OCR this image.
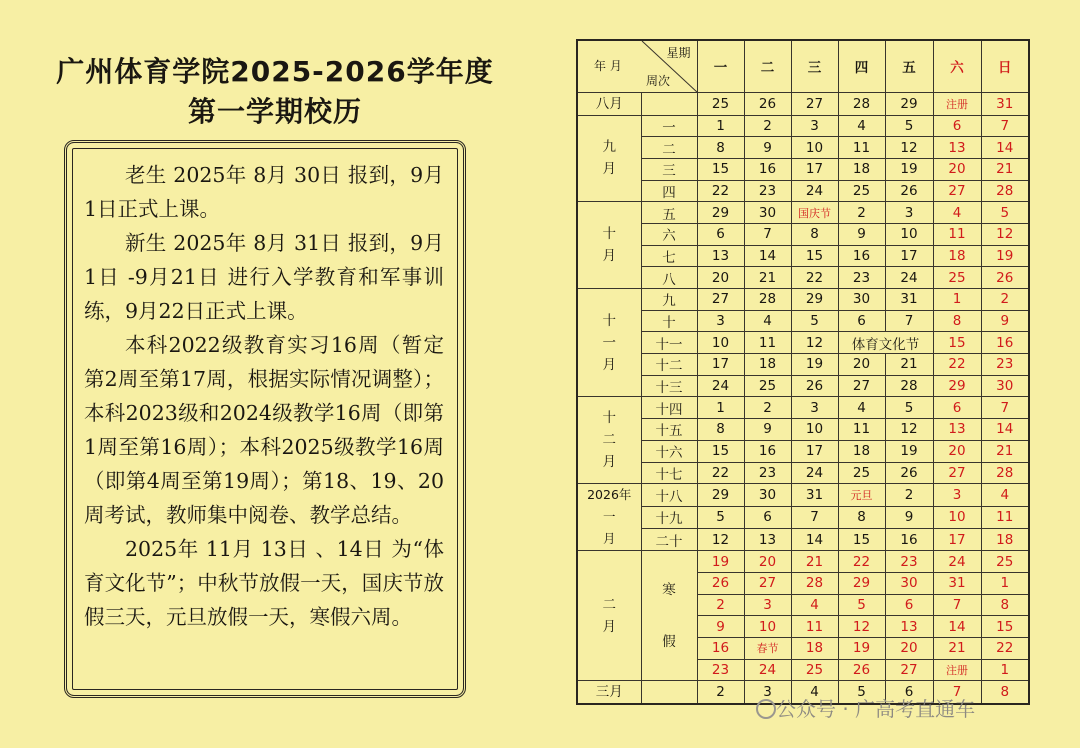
广州体育学院2025-2026学年度
第一学期校历

老生 2025年 8月 30日 报到，9月1日正式上课。

新生 2025年 8月 31日 报到，9月1日 -9月21日 进行入学教育和军事训练，9月22日正式上课。

本科2022级教育实习16周（暂定第2周至第17周，根据实际情况调整）；本科2023级和2024级教学16周（即第1周至第16周）；本科2025级教学16周（即第4周至第19周）；第18、19、20周考试，教师集中阅卷、教学总结。

2025年 11月 13日 、14日 为“体育文化节”；中秋节放假一天，国庆节放假三天，元旦放假一天，寒假六周。

星期
年 月
周次		一	二	三	四	五	六	日
八月		25	26	27	28	29	注册	31
九
月	一	1	2	3	4	5	6	7
	二	8	9	10	11	12	13	14
	三	15	16	17	18	19	20	21
	四	22	23	24	25	26	27	28
十
月	五	29	30	国庆节	2	3	4	5
	六	6	7	8	9	10	11	12
	七	13	14	15	16	17	18	19
	八	20	21	22	23	24	25	26
十
一
月	九	27	28	29	30	31	1	2
	十	3	4	5	6	7	8	9
	十一	10	11	12	体育文化节		15	16
	十二	17	18	19	20	21	22	23
	十三	24	25	26	27	28	29	30
十
二
月	十四	1	2	3	4	5	6	7
	十五	8	9	10	11	12	13	14
	十六	15	16	17	18	19	20	21
	十七	22	23	24	25	26	27	28
2026年
一
月	十八	29	30	31	元旦	2	3	4
	十九	5	6	7	8	9	10	11
	二十	12	13	14	15	16	17	18
二
月	寒

假	19	20	21	22	23	24	25
		26	27	28	29	30	31	1
		2	3	4	5	6	7	8
		9	10	11	12	13	14	15
		16	春节	18	19	20	21	22
		23	24	25	26	27	注册	1
三月		2	3	4	5	6	7	8
公众号 · 广高考直通车
